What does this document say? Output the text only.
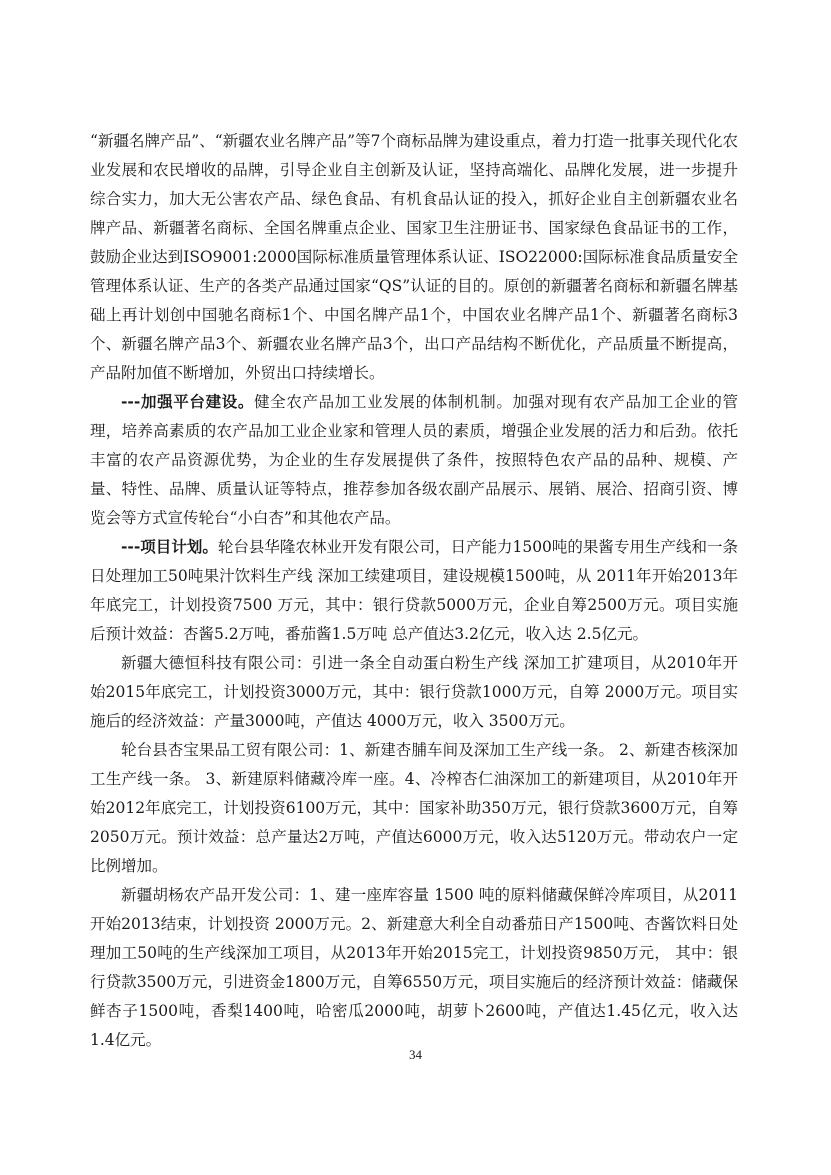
“新疆名牌产品”、“新疆农业名牌产品”等7个商标品牌为建设重点，着力打造一批事关现代化农业发展和农民增收的品牌，引导企业自主创新及认证，坚持高端化、品牌化发展，进一步提升综合实力，加大无公害农产品、绿色食品、有机食品认证的投入，抓好企业自主创新疆农业名牌产品、新疆著名商标、全国名牌重点企业、国家卫生注册证书、国家绿色食品证书的工作，鼓励企业达到ISO9001:2000国际标准质量管理体系认证、ISO22000:国际标准食品质量安全管理体系认证、生产的各类产品通过国家“QS”认证的目的。原创的新疆著名商标和新疆名牌基础上再计划创中国驰名商标1个、中国名牌产品1个，中国农业名牌产品1个、新疆著名商标3个、新疆名牌产品3个、新疆农业名牌产品3个，出口产品结构不断优化，产品质量不断提高，产品附加值不断增加，外贸出口持续增长。

---加强平台建设。健全农产品加工业发展的体制机制。加强对现有农产品加工企业的管理，培养高素质的农产品加工业企业家和管理人员的素质，增强企业发展的活力和后劲。依托丰富的农产品资源优势，为企业的生存发展提供了条件，按照特色农产品的品种、规模、产量、特性、品牌、质量认证等特点，推荐参加各级农副产品展示、展销、展洽、招商引资、博览会等方式宣传轮台“小白杏”和其他农产品。

---项目计划。轮台县华隆农林业开发有限公司，日产能力1500吨的果酱专用生产线和一条日处理加工50吨果汁饮料生产线 深加工续建项目，建设规模1500吨，从 2011年开始2013年年底完工，计划投资7500 万元，其中：银行贷款5000万元，企业自筹2500万元。项目实施后预计效益：杏酱5.2万吨，番茄酱1.5万吨 总产值达3.2亿元，收入达 2.5亿元。

新疆大德恒科技有限公司：引进一条全自动蛋白粉生产线 深加工扩建项目，从2010年开始2015年底完工，计划投资3000万元，其中：银行贷款1000万元，自筹 2000万元。项目实施后的经济效益：产量3000吨，产值达 4000万元，收入 3500万元。

轮台县杏宝果品工贸有限公司：1、新建杏脯车间及深加工生产线一条。 2、新建杏核深加工生产线一条。 3、新建原料储藏冷库一座。4、冷榨杏仁油深加工的新建项目，从2010年开始2012年底完工，计划投资6100万元，其中：国家补助350万元，银行贷款3600万元，自筹2050万元。预计效益：总产量达2万吨，产值达6000万元，收入达5120万元。带动农户一定比例增加。

新疆胡杨农产品开发公司：1、建一座库容量 1500 吨的原料储藏保鲜冷库项目，从2011开始2013结束，计划投资 2000万元。2、新建意大利全自动番茄日产1500吨、杏酱饮料日处理加工50吨的生产线深加工项目，从2013年开始2015完工，计划投资9850万元， 其中：银行贷款3500万元，引进资金1800万元，自筹6550万元，项目实施后的经济预计效益：储藏保鲜杏子1500吨，香梨1400吨，哈密瓜2000吨，胡萝卜2600吨，产值达1.45亿元，收入达1.4亿元。

34
